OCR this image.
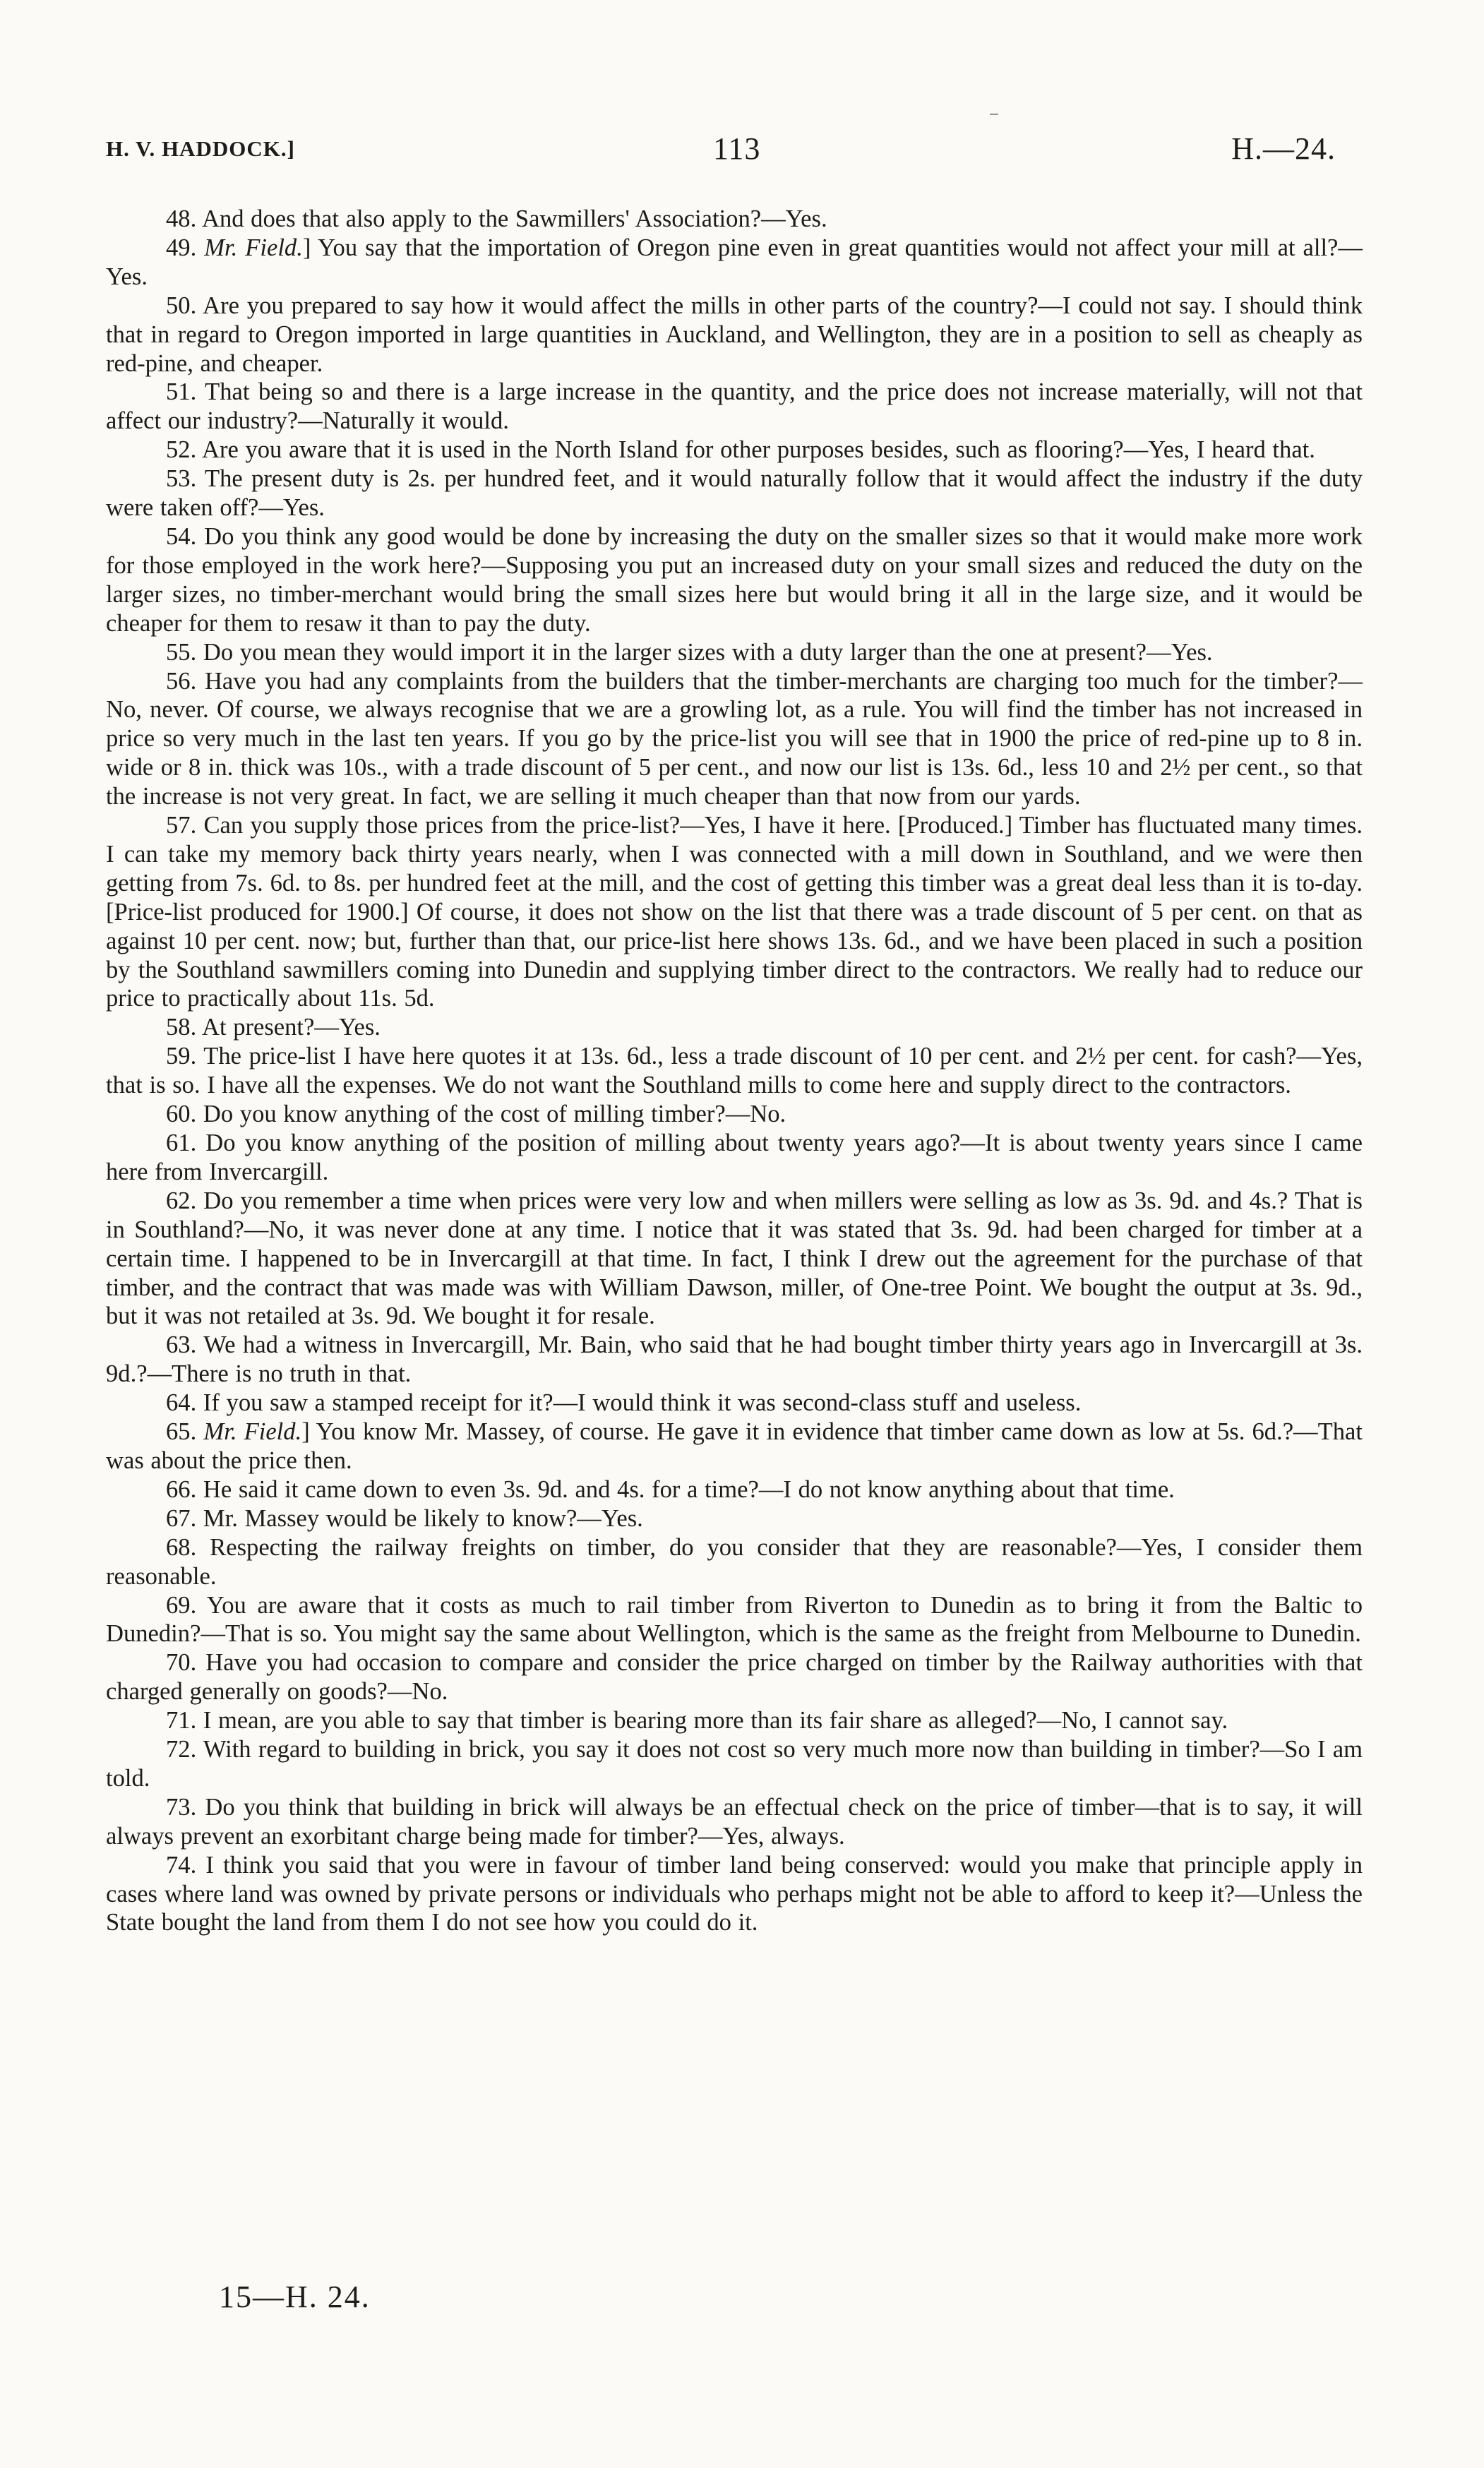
H. V. HADDOCK.]	113	H.—24.
⁻

48. And does that also apply to the Sawmillers' Association?—Yes.

49. Mr. Field.] You say that the importation of Oregon pine even in great quantities would not affect your mill at all?—Yes.

50. Are you prepared to say how it would affect the mills in other parts of the country?—I could not say. I should think that in regard to Oregon imported in large quantities in Auckland, and Wellington, they are in a position to sell as cheaply as red-pine, and cheaper.

51. That being so and there is a large increase in the quantity, and the price does not increase materially, will not that affect our industry?—Naturally it would.

52. Are you aware that it is used in the North Island for other purposes besides, such as flooring?—Yes, I heard that.

53. The present duty is 2s. per hundred feet, and it would naturally follow that it would affect the industry if the duty were taken off?—Yes.

54. Do you think any good would be done by increasing the duty on the smaller sizes so that it would make more work for those employed in the work here?—Supposing you put an increased duty on your small sizes and reduced the duty on the larger sizes, no timber-merchant would bring the small sizes here but would bring it all in the large size, and it would be cheaper for them to resaw it than to pay the duty.

55. Do you mean they would import it in the larger sizes with a duty larger than the one at present?—Yes.

56. Have you had any complaints from the builders that the timber-merchants are charging too much for the timber?—No, never. Of course, we always recognise that we are a growling lot, as a rule. You will find the timber has not increased in price so very much in the last ten years. If you go by the price-list you will see that in 1900 the price of red-pine up to 8 in. wide or 8 in. thick was 10s., with a trade discount of 5 per cent., and now our list is 13s. 6d., less 10 and 2½ per cent., so that the increase is not very great. In fact, we are selling it much cheaper than that now from our yards.

57. Can you supply those prices from the price-list?—Yes, I have it here. [Produced.] Timber has fluctuated many times. I can take my memory back thirty years nearly, when I was connected with a mill down in Southland, and we were then getting from 7s. 6d. to 8s. per hundred feet at the mill, and the cost of getting this timber was a great deal less than it is to-day. [Price-list produced for 1900.] Of course, it does not show on the list that there was a trade discount of 5 per cent. on that as against 10 per cent. now; but, further than that, our price-list here shows 13s. 6d., and we have been placed in such a position by the Southland sawmillers coming into Dunedin and supplying timber direct to the contractors. We really had to reduce our price to practically about 11s. 5d.

58. At present?—Yes.

59. The price-list I have here quotes it at 13s. 6d., less a trade discount of 10 per cent. and 2½ per cent. for cash?—Yes, that is so. I have all the expenses. We do not want the Southland mills to come here and supply direct to the contractors.

60. Do you know anything of the cost of milling timber?—No.

61. Do you know anything of the position of milling about twenty years ago?—It is about twenty years since I came here from Invercargill.

62. Do you remember a time when prices were very low and when millers were selling as low as 3s. 9d. and 4s.? That is in Southland?—No, it was never done at any time. I notice that it was stated that 3s. 9d. had been charged for timber at a certain time. I happened to be in Invercargill at that time. In fact, I think I drew out the agreement for the purchase of that timber, and the contract that was made was with William Dawson, miller, of One-tree Point. We bought the output at 3s. 9d., but it was not retailed at 3s. 9d. We bought it for resale.

63. We had a witness in Invercargill, Mr. Bain, who said that he had bought timber thirty years ago in Invercargill at 3s. 9d.?—There is no truth in that.

64. If you saw a stamped receipt for it?—I would think it was second-class stuff and useless.

65. Mr. Field.] You know Mr. Massey, of course. He gave it in evidence that timber came down as low at 5s. 6d.?—That was about the price then.

66. He said it came down to even 3s. 9d. and 4s. for a time?—I do not know anything about that time.

67. Mr. Massey would be likely to know?—Yes.

68. Respecting the railway freights on timber, do you consider that they are reasonable?—Yes, I consider them reasonable.

69. You are aware that it costs as much to rail timber from Riverton to Dunedin as to bring it from the Baltic to Dunedin?—That is so. You might say the same about Wellington, which is the same as the freight from Melbourne to Dunedin.

70. Have you had occasion to compare and consider the price charged on timber by the Railway authorities with that charged generally on goods?—No.

71. I mean, are you able to say that timber is bearing more than its fair share as alleged?—No, I cannot say.

72. With regard to building in brick, you say it does not cost so very much more now than building in timber?—So I am told.

73. Do you think that building in brick will always be an effectual check on the price of timber—that is to say, it will always prevent an exorbitant charge being made for timber?—Yes, always.

74. I think you said that you were in favour of timber land being conserved: would you make that principle apply in cases where land was owned by private persons or individuals who perhaps might not be able to afford to keep it?—Unless the State bought the land from them I do not see how you could do it.

15—H. 24.
